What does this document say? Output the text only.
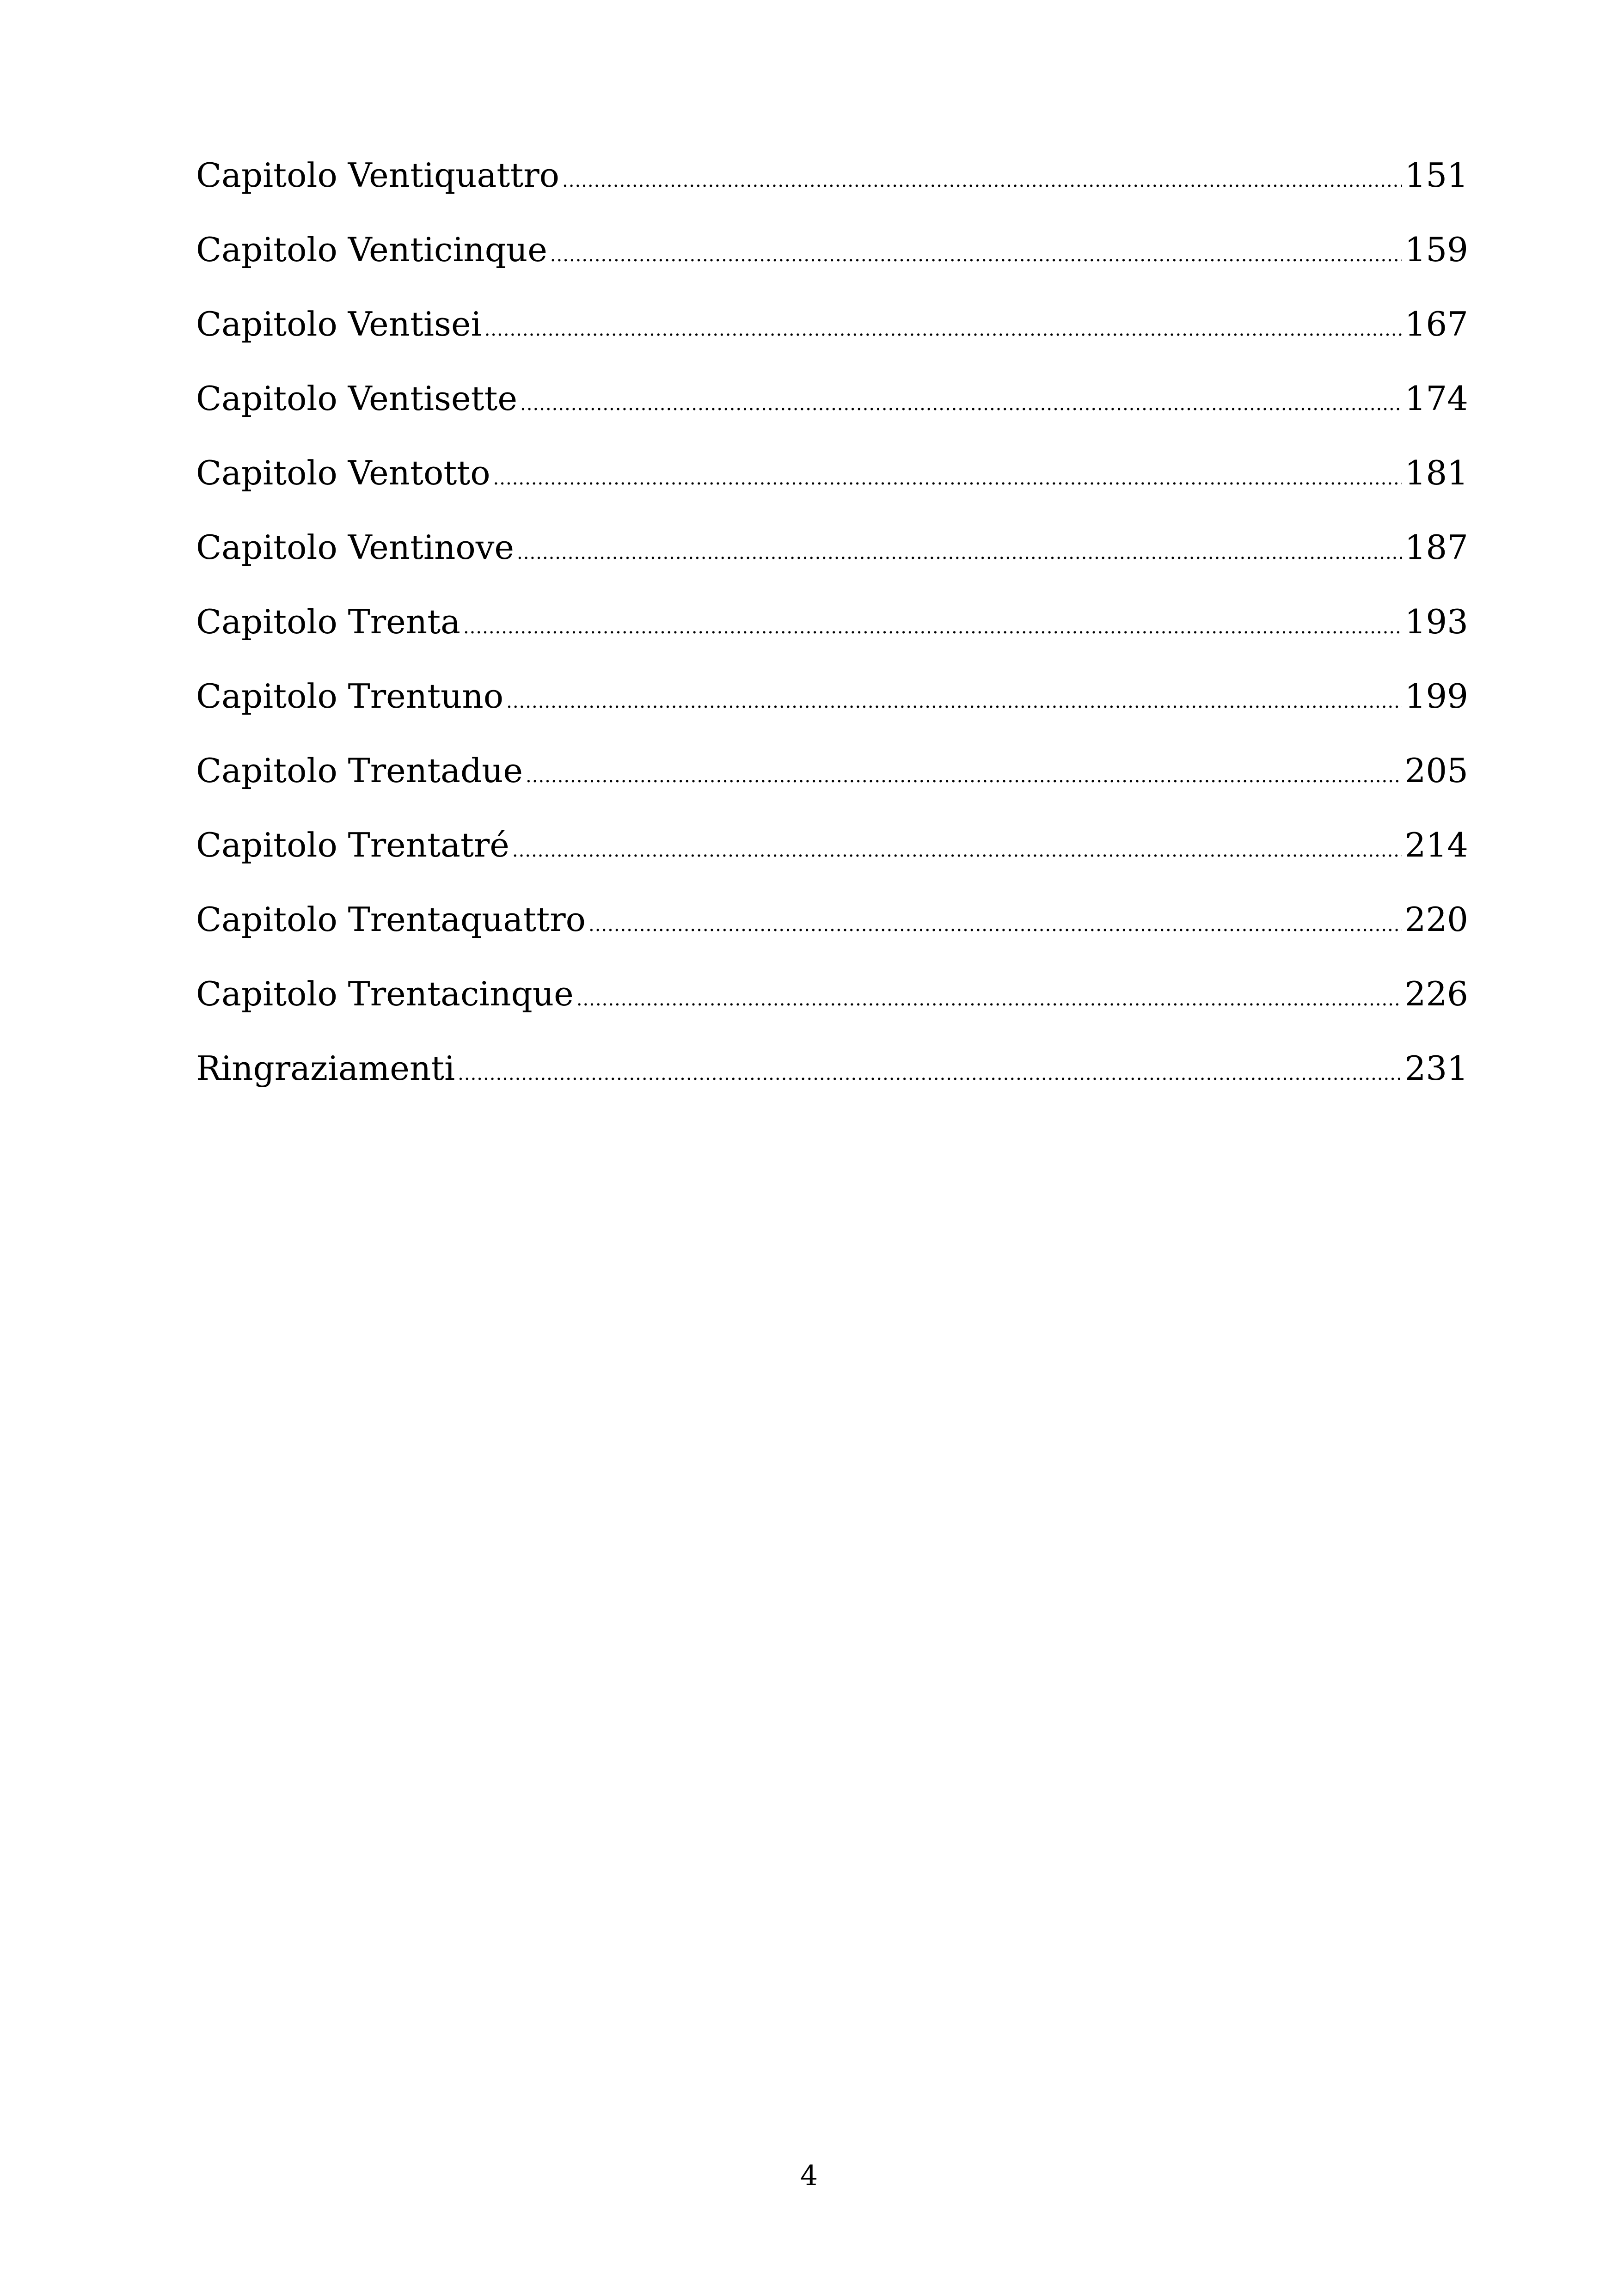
Capitolo Ventiquattro .....	151
Capitolo Venticinque .....	159
Capitolo Ventisei .....	167
Capitolo Ventisette .....	174
Capitolo Ventotto .....	181
Capitolo Ventinove .....	187
Capitolo Trenta .....	193
Capitolo Trentuno .....	199
Capitolo Trentadue .....	205
Capitolo Trentatré .....	214
Capitolo Trentaquattro .....	220
Capitolo Trentacinque .....	226
Ringraziamenti .....	231
4
